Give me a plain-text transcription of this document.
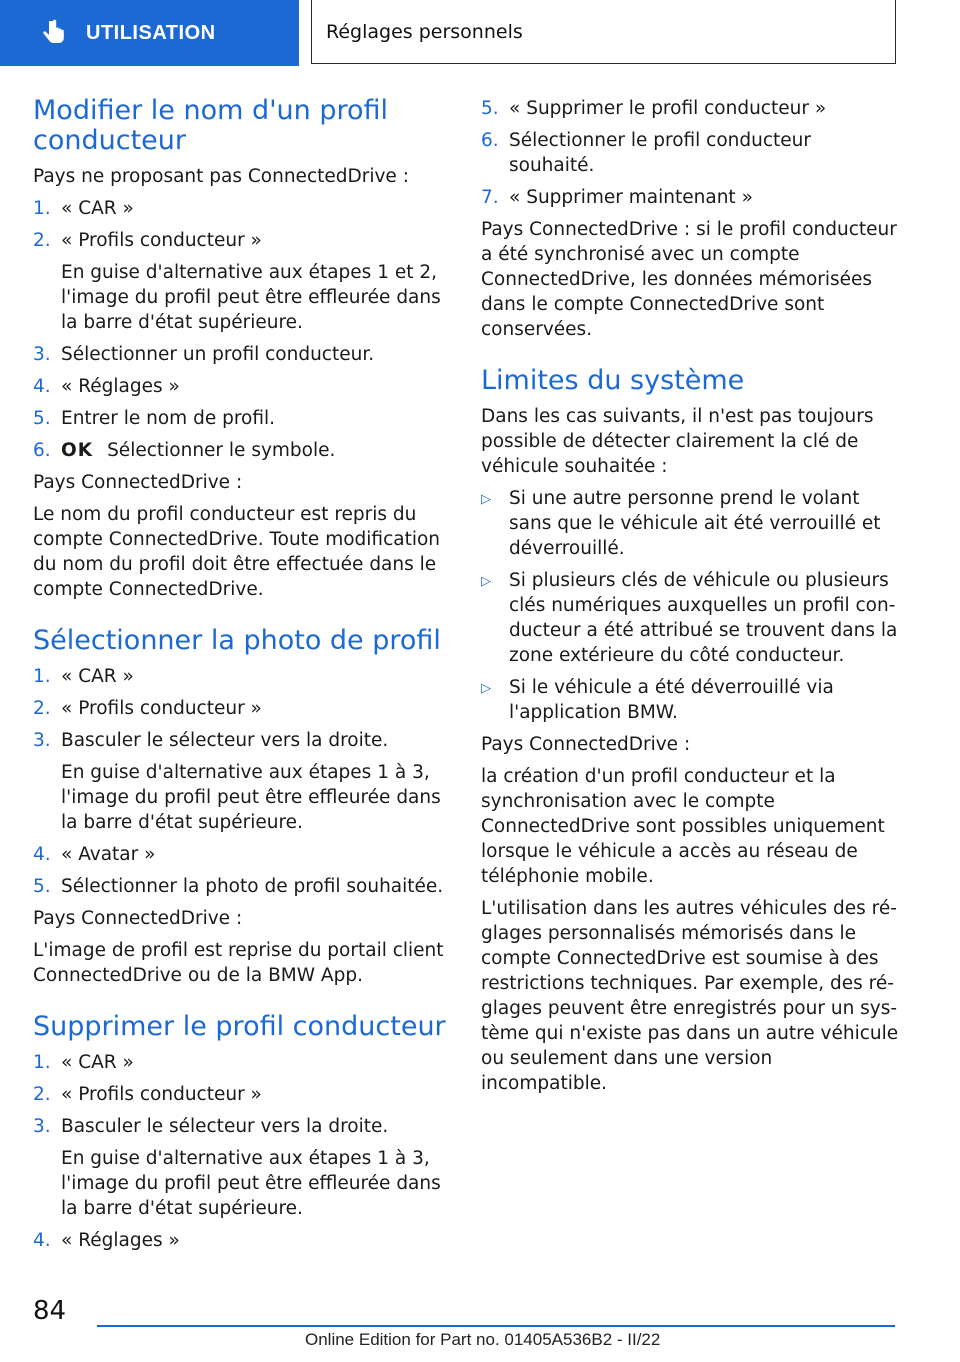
UTILISATION	Réglages personnels
Modifier le nom d'un profil conducteur

Pays ne proposant pas ConnectedDrive :

1. « CAR »
2. « Profils conducteur »

En guise d'alternative aux étapes 1 et 2, l'image du profil peut être effleurée dans la barre d'état supérieure.

3. Sélectionner un profil conducteur.
4. « Réglages »
5. Entrer le nom de profil.
6. OK Sélectionner le symbole.

Pays ConnectedDrive :

Le nom du profil conducteur est repris du compte ConnectedDrive. Toute modification du nom du profil doit être effectuée dans le compte ConnectedDrive.

Sélectionner la photo de profil
1. « CAR »
2. « Profils conducteur »
3. Basculer le sélecteur vers la droite.

En guise d'alternative aux étapes 1 à 3, l'image du profil peut être effleurée dans la barre d'état supérieure.

4. « Avatar »
5. Sélectionner la photo de profil souhaitée.

Pays ConnectedDrive :

L'image de profil est reprise du portail client ConnectedDrive ou de la BMW App.

Supprimer le profil conducteur
1. « CAR »
2. « Profils conducteur »
3. Basculer le sélecteur vers la droite.

En guise d'alternative aux étapes 1 à 3, l'image du profil peut être effleurée dans la barre d'état supérieure.

4. « Réglages »
5. « Supprimer le profil conducteur »
6. Sélectionner le profil conducteur souhaité.
7. « Supprimer maintenant »

Pays ConnectedDrive : si le profil conducteur a été synchronisé avec un compte ConnectedDrive, les données mémorisées dans le compte ConnectedDrive sont conservées.

Limites du système

Dans les cas suivants, il n'est pas toujours possible de détecter clairement la clé de véhicule souhaitée :

▷ Si une autre personne prend le volant sans que le véhicule ait été verrouillé et déverrouillé.
▷ Si plusieurs clés de véhicule ou plusieurs clés numériques auxquelles un profil conducteur a été attribué se trouvent dans la zone extérieure du côté conducteur.
▷ Si le véhicule a été déverrouillé via l'application BMW.

Pays ConnectedDrive :

la création d'un profil conducteur et la synchronisation avec le compte ConnectedDrive sont possibles uniquement lorsque le véhicule a accès au réseau de téléphonie mobile.

L'utilisation dans les autres véhicules des réglages personnalisés mémorisés dans le compte ConnectedDrive est soumise à des restrictions techniques. Par exemple, des réglages peuvent être enregistrés pour un système qui n'existe pas dans un autre véhicule ou seulement dans une version incompatible.

84
Online Edition for Part no. 01405A536B2 - II/22
